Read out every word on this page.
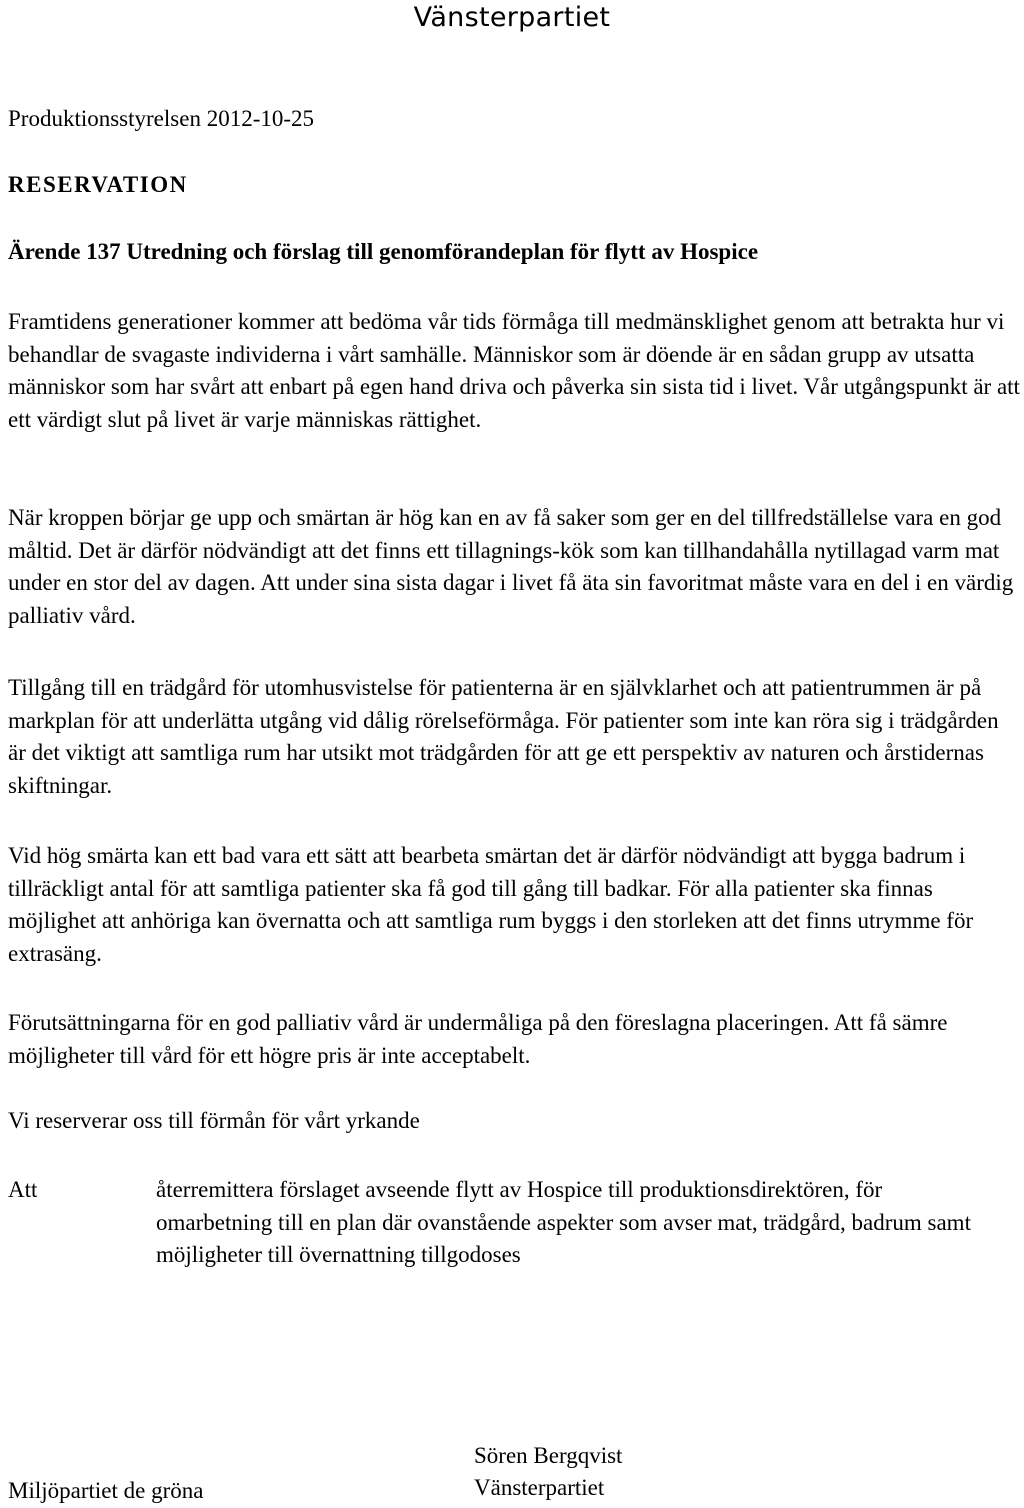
Vänsterpartiet
Produktionsstyrelsen 2012-10-25
RESERVATION
Ärende 137 Utredning och förslag till genomförandeplan för flytt av Hospice

Framtidens generationer kommer att bedöma vår tids förmåga till medmänsklighet genom att betrakta hur vi behandlar de svagaste individerna i vårt samhälle. Människor som är döende är en sådan grupp av utsatta människor som har svårt att enbart på egen hand driva och påverka sin sista tid i livet. Vår utgångspunkt är att ett värdigt slut på livet är varje människas rättighet.

När kroppen börjar ge upp och smärtan är hög kan en av få saker som ger en del tillfredställelse vara en god måltid. Det är därför nödvändigt att det finns ett tillagnings-kök som kan tillhandahålla nytillagad varm mat under en stor del av dagen. Att under sina sista dagar i livet få äta sin favoritmat måste vara en del i en värdig palliativ vård.

Tillgång till en trädgård för utomhusvistelse för patienterna är en självklarhet och att patientrummen är på markplan för att underlätta utgång vid dålig rörelseförmåga. För patienter som inte kan röra sig i trädgården är det viktigt att samtliga rum har utsikt mot trädgården för att ge ett perspektiv av naturen och årstidernas skiftningar.

Vid hög smärta kan ett bad vara ett sätt att bearbeta smärtan det är därför nödvändigt att bygga badrum i tillräckligt antal för att samtliga patienter ska få god till gång till badkar. För alla patienter ska finnas möjlighet att anhöriga kan övernatta och att samtliga rum byggs i den storleken att det finns utrymme för extrasäng.

Förutsättningarna för en god palliativ vård är undermåliga på den föreslagna placeringen. Att få sämre möjligheter till vård för ett högre pris är inte acceptabelt.

Vi reserverar oss till förmån för vårt yrkande
Att	återremittera förslaget avseende flytt av Hospice till produktionsdirektören, för omarbetning till en plan där ovanstående aspekter som avser mat, trädgård, badrum samt möjligheter till övernattning tillgodoses

Miljöpartiet de gröna
Sören Bergqvist
Vänsterpartiet
